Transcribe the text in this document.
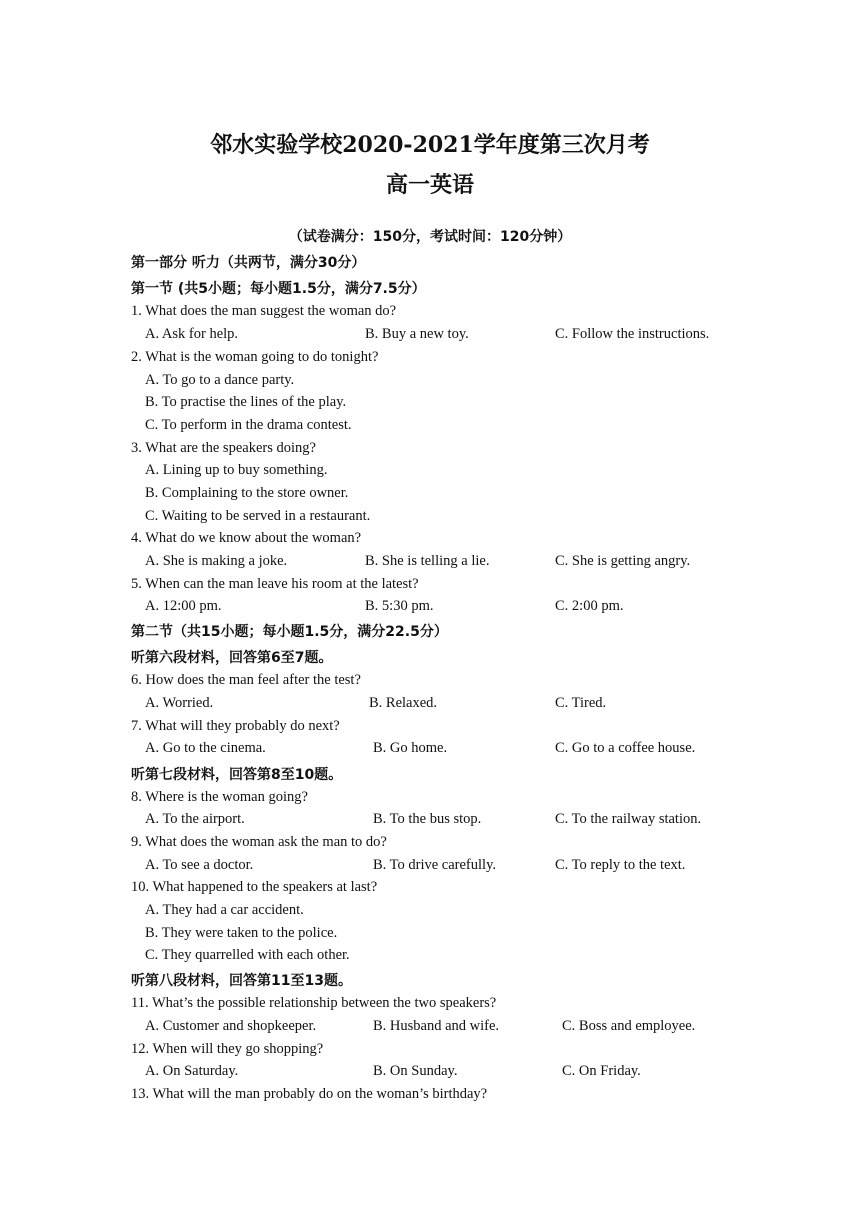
邻水实验学校2020-2021学年度第三次月考
高一英语
（试卷满分：150分，考试时间：120分钟）
第一部分 听力（共两节，满分30分）
第一节 (共5小题；每小题1.5分，满分7.5分）
1. What does the man suggest the woman do?
A. Ask for help.	B. Buy a new toy.	C. Follow the instructions.
2. What is the woman going to do tonight?
A. To go to a dance party.
B. To practise the lines of the play.
C. To perform in the drama contest.
3. What are the speakers doing?
A. Lining up to buy something.
B. Complaining to the store owner.
C. Waiting to be served in a restaurant.
4. What do we know about the woman?
A. She is making a joke.	B. She is telling a lie.	C. She is getting angry.
5. When can the man leave his room at the latest?
A. 12:00 pm.	B. 5:30 pm.	C. 2:00 pm.
第二节（共15小题；每小题1.5分，满分22.5分）
听第六段材料，回答第6至7题。
6. How does the man feel after the test?
A. Worried.	B. Relaxed.	C. Tired.
7. What will they probably do next?
A. Go to the cinema.	B. Go home.	C. Go to a coffee house.
听第七段材料，回答第8至10题。
8. Where is the woman going?
A. To the airport.	B. To the bus stop.	C. To the railway station.
9. What does the woman ask the man to do?
A. To see a doctor.	B. To drive carefully.	C. To reply to the text.
10. What happened to the speakers at last?
A. They had a car accident.
B. They were taken to the police.
C. They quarrelled with each other.
听第八段材料，回答第11至13题。
11. What’s the possible relationship between the two speakers?
A. Customer and shopkeeper.	B. Husband and wife.	C. Boss and employee.
12. When will they go shopping?
A. On Saturday.	B. On Sunday.	C. On Friday.
13. What will the man probably do on the woman’s birthday?
